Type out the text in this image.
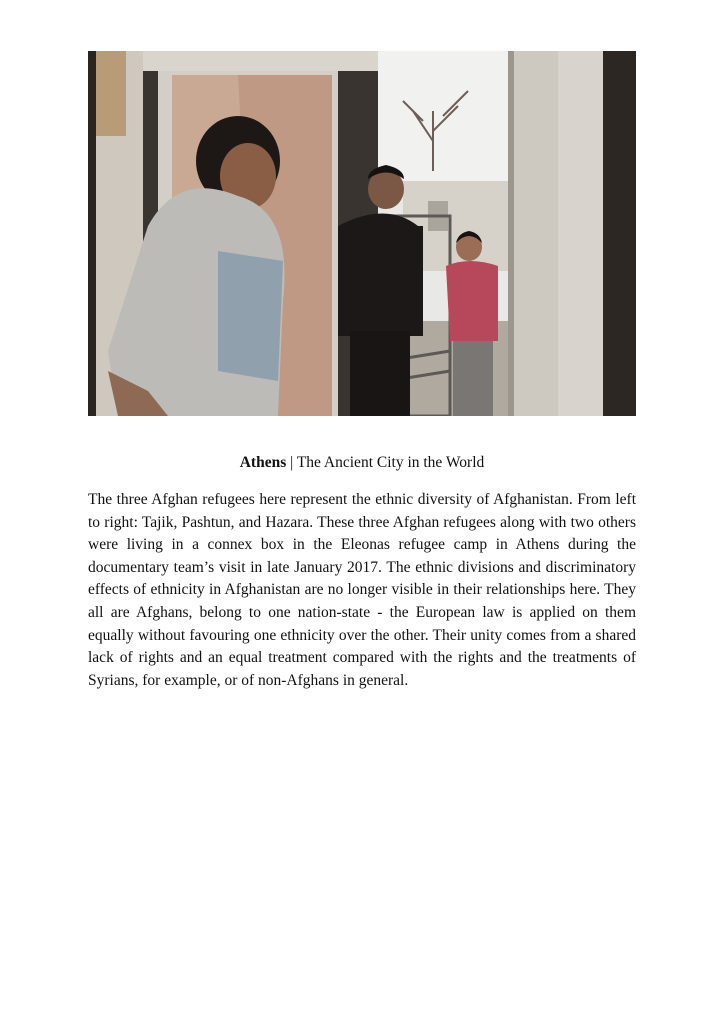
Athens | The Ancient City in the World

The three Afghan refugees here represent the ethnic diversity of Afghanistan. From left to right: Tajik, Pashtun, and Hazara. These three Afghan refugees along with two others were living in a connex box in the Eleonas refugee camp in Athens during the documentary team’s visit in late January 2017. The ethnic divisions and discriminatory effects of ethnicity in Afghanistan are no longer visible in their relationships here. They all are Afghans, belong to one nation-state - the European law is applied on them equally without favouring one ethnicity over the other. Their unity comes from a shared lack of rights and an equal treatment compared with the rights and the treatments of Syrians, for example, or of non-Afghans in general.
